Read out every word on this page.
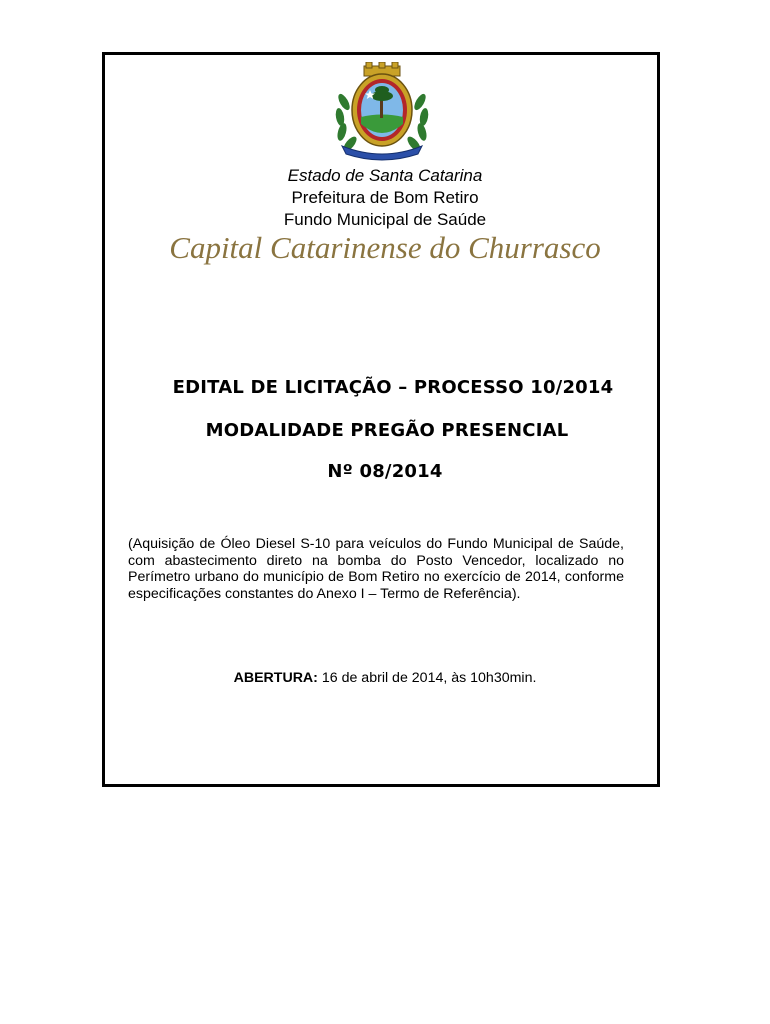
Estado de Santa Catarina
Prefeitura de Bom Retiro
Fundo Municipal de Saúde
Capital Catarinense do Churrasco
EDITAL DE LICITAÇÃO – PROCESSO 10/2014
MODALIDADE PREGÃO PRESENCIAL
Nº 08/2014
(Aquisição de Óleo Diesel S-10 para veículos do Fundo Municipal de Saúde, com abastecimento direto na bomba do Posto Vencedor, localizado no Perímetro urbano do município de Bom Retiro no exercício de 2014, conforme especificações constantes do Anexo I – Termo de Referência).
ABERTURA: 16 de abril de 2014, às 10h30min.
